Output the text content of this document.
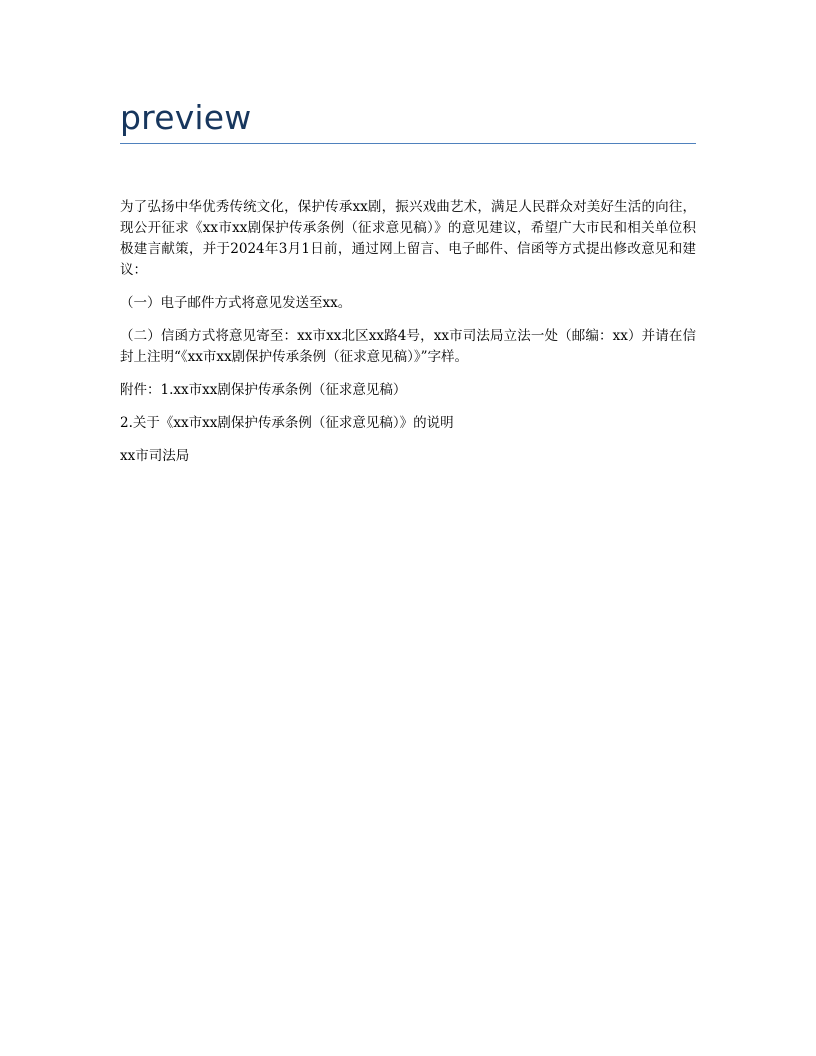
preview

为了弘扬中华优秀传统文化，保护传承xx剧，振兴戏曲艺术，满足人民群众对美好生活的向往，现公开征求《xx市xx剧保护传承条例（征求意见稿）》的意见建议，希望广大市民和相关单位积极建言献策，并于2024年3月1日前，通过网上留言、电子邮件、信函等方式提出修改意见和建议：

（一）电子邮件方式将意见发送至xx。

（二）信函方式将意见寄至：xx市xx北区xx路4号，xx市司法局立法一处（邮编：xx）并请在信封上注明“《xx市xx剧保护传承条例（征求意见稿）》”字样。

附件：1.xx市xx剧保护传承条例（征求意见稿）

2.关于《xx市xx剧保护传承条例（征求意见稿）》的说明

xx市司法局
